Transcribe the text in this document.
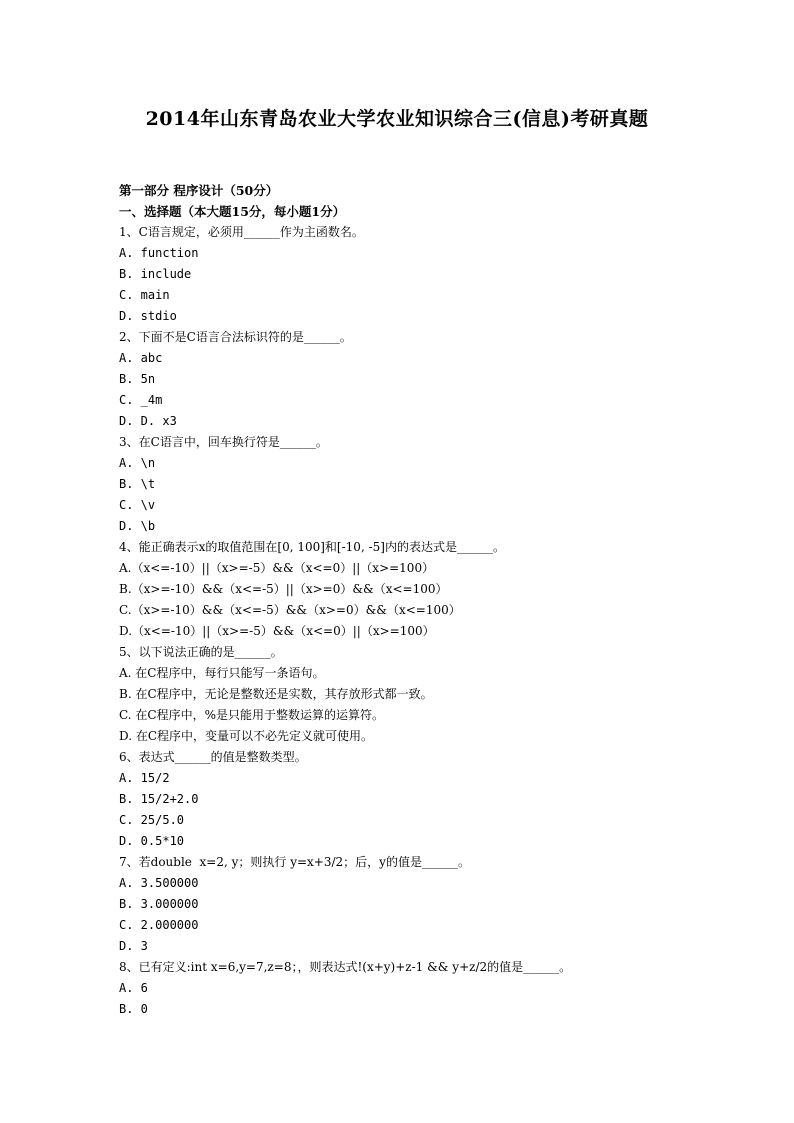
2014年山东青岛农业大学农业知识综合三(信息)考研真题
第一部分 程序设计（50分）
一、选择题（本大题15分，每小题1分）
1、C语言规定，必须用______作为主函数名。
A. function
B. include
C. main
D. stdio
2、下面不是C语言合法标识符的是______。
A. abc
B. 5n
C. _4m
D. D. x3
3、在C语言中，回车换行符是______。
A. \n
B. \t
C. \v
D. \b
4、能正确表示x的取值范围在[0, 100]和[-10, -5]内的表达式是______。
A.（x<=-10）||（x>=-5）&&（x<=0）||（x>=100）
B.（x>=-10）&&（x<=-5）||（x>=0）&&（x<=100）
C.（x>=-10）&&（x<=-5）&&（x>=0）&&（x<=100）
D.（x<=-10）||（x>=-5）&&（x<=0）||（x>=100）
5、以下说法正确的是______。
A. 在C程序中，每行只能写一条语句。
B. 在C程序中，无论是整数还是实数，其存放形式都一致。
C. 在C程序中，%是只能用于整数运算的运算符。
D. 在C程序中，变量可以不必先定义就可使用。
6、表达式______的值是整数类型。
A. 15/2
B. 15/2+2.0
C. 25/5.0
D. 0.5*10
7、若double  x=2, y；则执行 y=x+3/2；后，y的值是______。
A. 3.500000
B. 3.000000
C. 2.000000
D. 3
8、已有定义:int x=6,y=7,z=8；，则表达式!(x+y)+z-1 && y+z/2的值是______。
A. 6
B. 0
